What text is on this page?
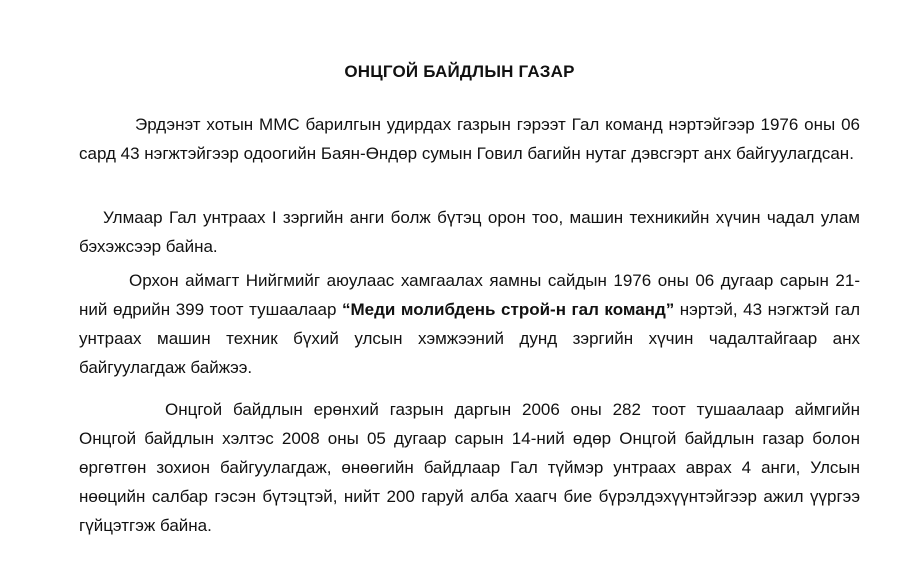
ОНЦГОЙ БАЙДЛЫН ГАЗАР

Эрдэнэт хотын ММС барилгын удирдах газрын гэрээт Гал команд нэртэйгээр 1976 оны 06 сард 43 нэгжтэйгээр одоогийн Баян-Өндөр сумын Говил багийн нутаг дэвсгэрт анх байгуулагдсан.

Улмаар Гал унтраах I зэргийн анги болж бүтэц орон тоо, машин техникийн хүчин чадал улам бэхэжсээр байна.

Орхон аймагт Нийгмийг аюулаас хамгаалах яамны сайдын 1976 оны 06 дугаар сарын 21-ний өдрийн 399 тоот тушаалаар “Меди молибдень строй-н гал команд” нэртэй, 43 нэгжтэй гал унтраах машин техник бүхий улсын хэмжээний дунд зэргийн хүчин чадалтайгаар анх байгуулагдаж байжээ.

Онцгой байдлын ерөнхий газрын даргын 2006 оны 282 тоот тушаалаар аймгийн Онцгой байдлын хэлтэс 2008 оны 05 дугаар сарын 14-ний өдөр Онцгой байдлын газар болон өргөтгөн зохион байгуулагдаж, өнөөгийн байдлаар Гал түймэр унтраах аврах 4 анги, Улсын нөөцийн салбар гэсэн бүтэцтэй, нийт 200 гаруй алба хаагч бие бүрэлдэхүүнтэйгээр ажил үүргээ гүйцэтгэж байна.
